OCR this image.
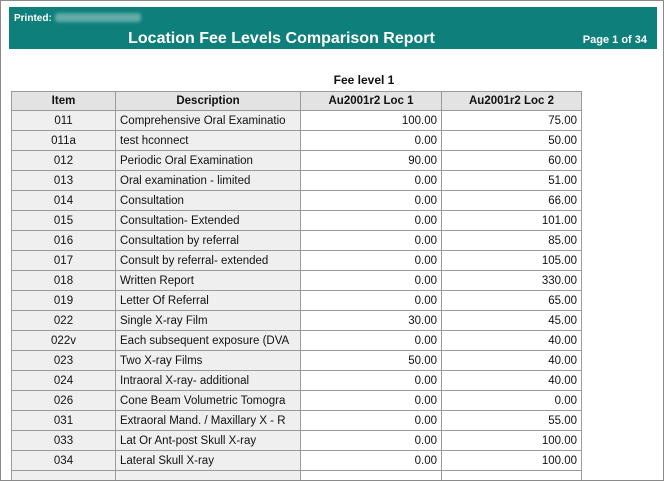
Printed:
Location Fee Levels Comparison Report	Page 1 of 34
Fee level 1
Item	Description	Au2001r2 Loc 1	Au2001r2 Loc 2
011	Comprehensive Oral Examinatio	100.00	75.00
011a	test hconnect	0.00	50.00
012	Periodic Oral Examination	90.00	60.00
013	Oral examination - limited	0.00	51.00
014	Consultation	0.00	66.00
015	Consultation- Extended	0.00	101.00
016	Consultation by referral	0.00	85.00
017	Consult by referral- extended	0.00	105.00
018	Written Report	0.00	330.00
019	Letter Of Referral	0.00	65.00
022	Single X-ray Film	30.00	45.00
022v	Each subsequent exposure (DVA	0.00	40.00
023	Two X-ray Films	50.00	40.00
024	Intraoral X-ray- additional	0.00	40.00
026	Cone Beam Volumetric Tomogra	0.00	0.00
031	Extraoral Mand. / Maxillary X - R	0.00	55.00
033	Lat Or Ant-post Skull X-ray	0.00	100.00
034	Lateral Skull X-ray	0.00	100.00
